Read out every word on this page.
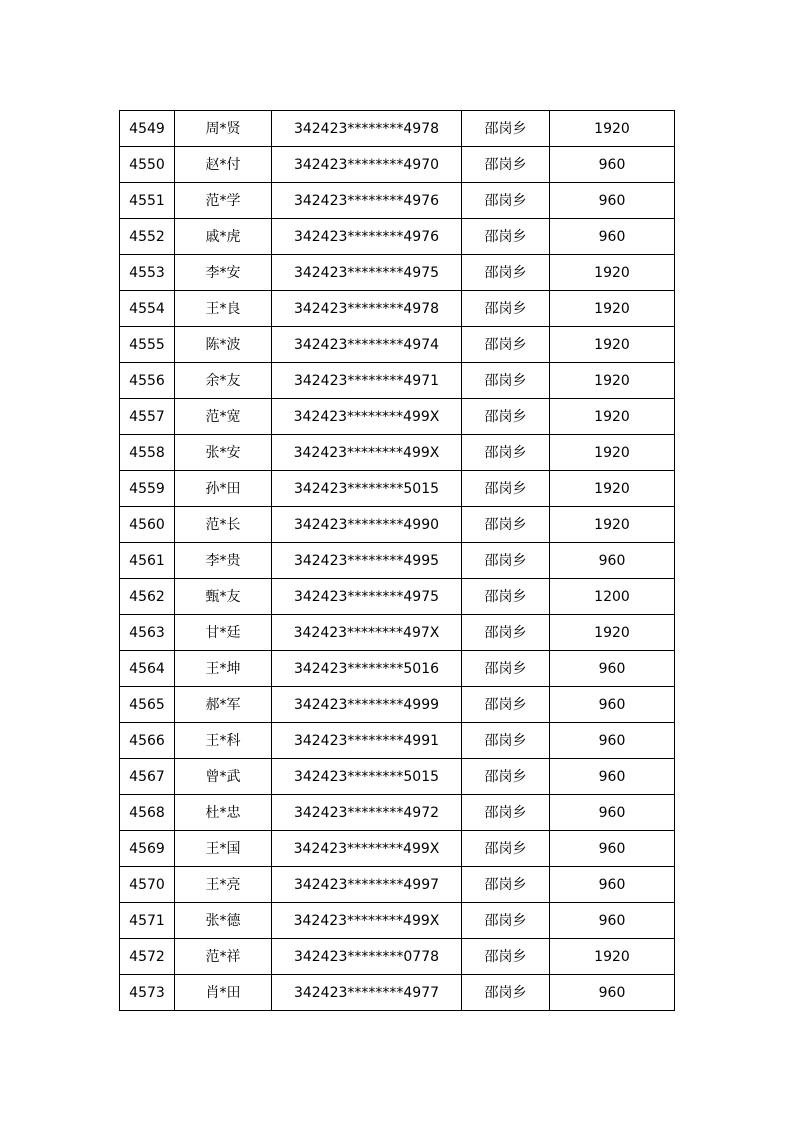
4549	周*贤	342423********4978	邵岗乡	1920
4550	赵*付	342423********4970	邵岗乡	960
4551	范*学	342423********4976	邵岗乡	960
4552	戚*虎	342423********4976	邵岗乡	960
4553	李*安	342423********4975	邵岗乡	1920
4554	王*良	342423********4978	邵岗乡	1920
4555	陈*波	342423********4974	邵岗乡	1920
4556	余*友	342423********4971	邵岗乡	1920
4557	范*宽	342423********499X	邵岗乡	1920
4558	张*安	342423********499X	邵岗乡	1920
4559	孙*田	342423********5015	邵岗乡	1920
4560	范*长	342423********4990	邵岗乡	1920
4561	李*贵	342423********4995	邵岗乡	960
4562	甄*友	342423********4975	邵岗乡	1200
4563	甘*廷	342423********497X	邵岗乡	1920
4564	王*坤	342423********5016	邵岗乡	960
4565	郝*军	342423********4999	邵岗乡	960
4566	王*科	342423********4991	邵岗乡	960
4567	曾*武	342423********5015	邵岗乡	960
4568	杜*忠	342423********4972	邵岗乡	960
4569	王*国	342423********499X	邵岗乡	960
4570	王*亮	342423********4997	邵岗乡	960
4571	张*德	342423********499X	邵岗乡	960
4572	范*祥	342423********0778	邵岗乡	1920
4573	肖*田	342423********4977	邵岗乡	960
